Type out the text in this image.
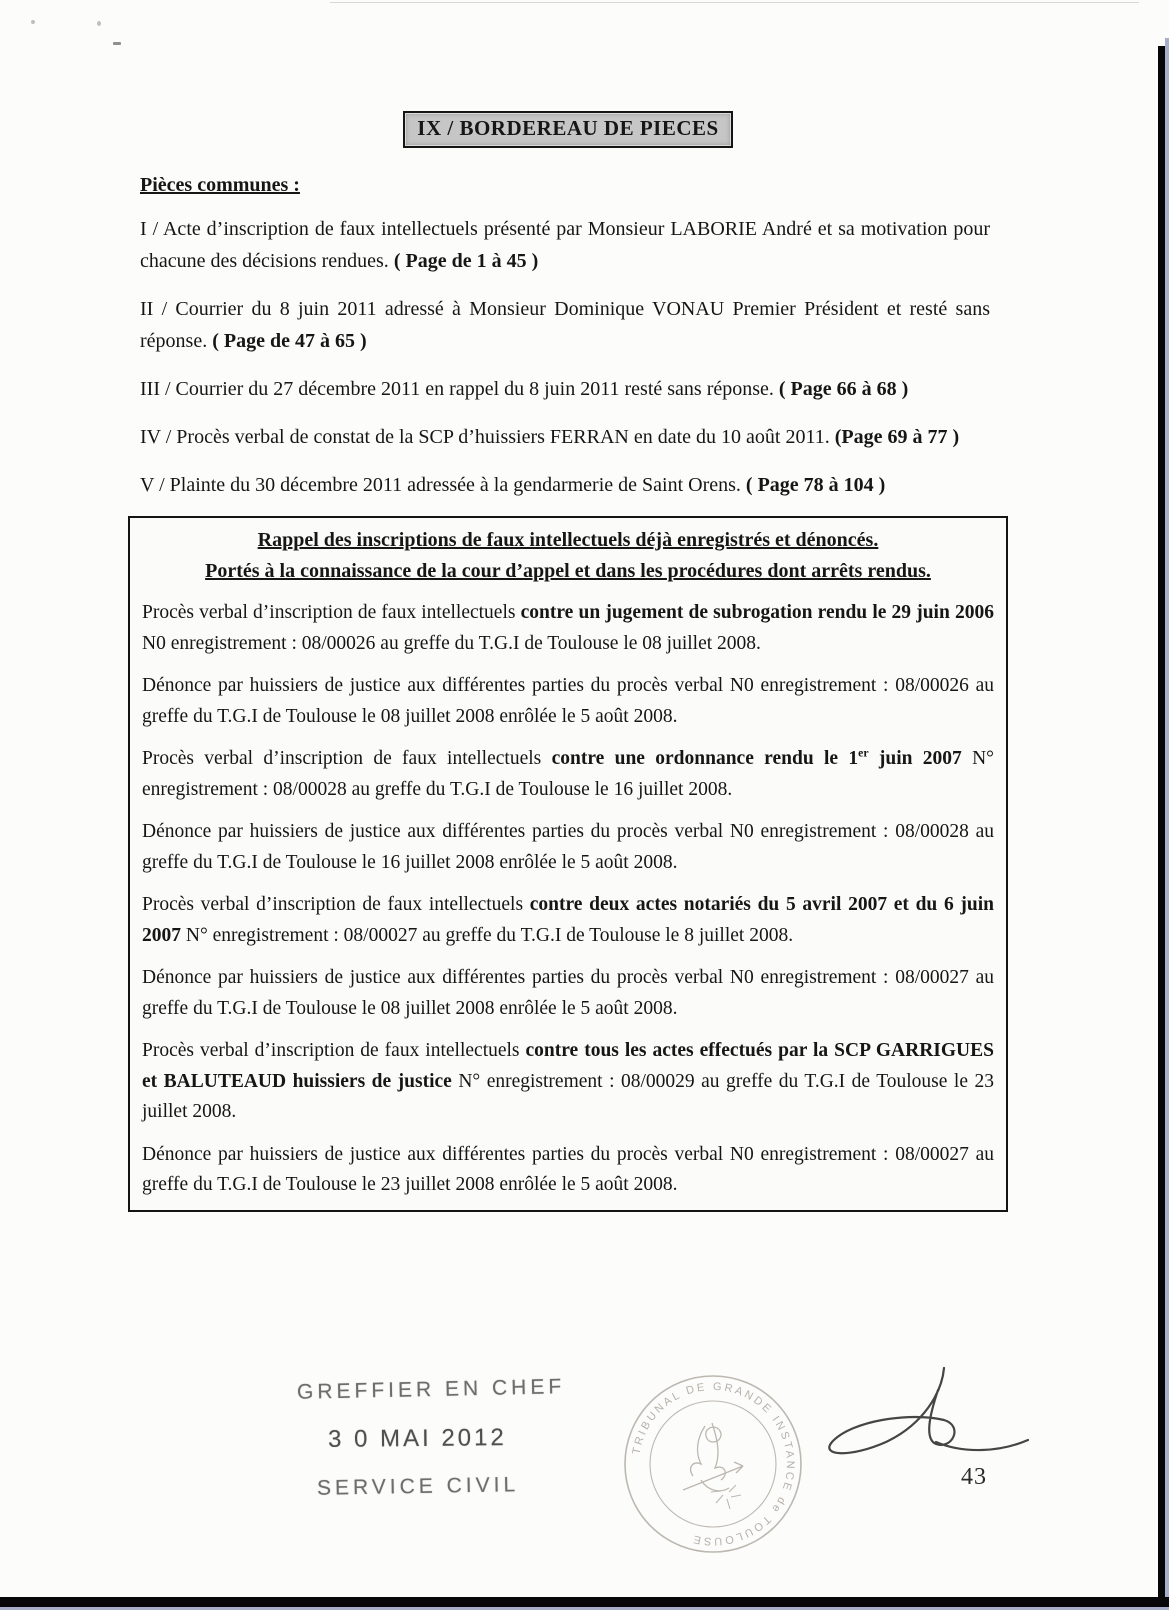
IX / BORDEREAU DE PIECES
Pièces communes :

I / Acte d’inscription de faux intellectuels présenté par Monsieur LABORIE André et sa motivation pour chacune des décisions rendues. ( Page de 1 à 45 )

II / Courrier du 8 juin 2011 adressé à Monsieur Dominique VONAU Premier Président et resté sans réponse. ( Page de 47 à 65 )

III / Courrier du 27 décembre 2011 en rappel du 8 juin 2011 resté sans réponse. ( Page 66 à 68 )

IV / Procès verbal de constat de la SCP d’huissiers FERRAN en date du 10 août 2011. (Page 69 à 77 )

V / Plainte du 30 décembre 2011 adressée à la gendarmerie de Saint Orens. ( Page 78 à 104 )

Rappel des inscriptions de faux intellectuels déjà enregistrés et dénoncés.
Portés à la connaissance de la cour d’appel et dans les procédures dont arrêts rendus.

Procès verbal d’inscription de faux intellectuels contre un jugement de subrogation rendu le 29 juin 2006 N0 enregistrement : 08/00026 au greffe du T.G.I de Toulouse le 08 juillet 2008.

Dénonce par huissiers de justice aux différentes parties du procès verbal N0 enregistrement : 08/00026 au greffe du T.G.I de Toulouse le 08 juillet 2008 enrôlée le 5 août 2008.

Procès verbal d’inscription de faux intellectuels contre une ordonnance rendu le 1er juin 2007 N° enregistrement : 08/00028 au greffe du T.G.I de Toulouse le 16 juillet 2008.

Dénonce par huissiers de justice aux différentes parties du procès verbal N0 enregistrement : 08/00028 au greffe du T.G.I de Toulouse le 16 juillet 2008 enrôlée le 5 août 2008.

Procès verbal d’inscription de faux intellectuels contre deux actes notariés du 5 avril 2007 et du 6 juin 2007 N° enregistrement : 08/00027 au greffe du T.G.I de Toulouse le 8 juillet 2008.

Dénonce par huissiers de justice aux différentes parties du procès verbal N0 enregistrement : 08/00027 au greffe du T.G.I de Toulouse le 08 juillet 2008 enrôlée le 5 août 2008.

Procès verbal d’inscription de faux intellectuels contre tous les actes effectués par la SCP GARRIGUES et BALUTEAUD huissiers de justice N° enregistrement : 08/00029 au greffe du T.G.I de Toulouse le 23 juillet 2008.

Dénonce par huissiers de justice aux différentes parties du procès verbal N0 enregistrement : 08/00027 au greffe du T.G.I de Toulouse le 23 juillet 2008 enrôlée le 5 août 2008.

GREFFIER EN CHEF
3 0 MAI 2012
SERVICE CIVIL
TRIBUNAL DE GRANDE INSTANCE de TOULOUSE
43
